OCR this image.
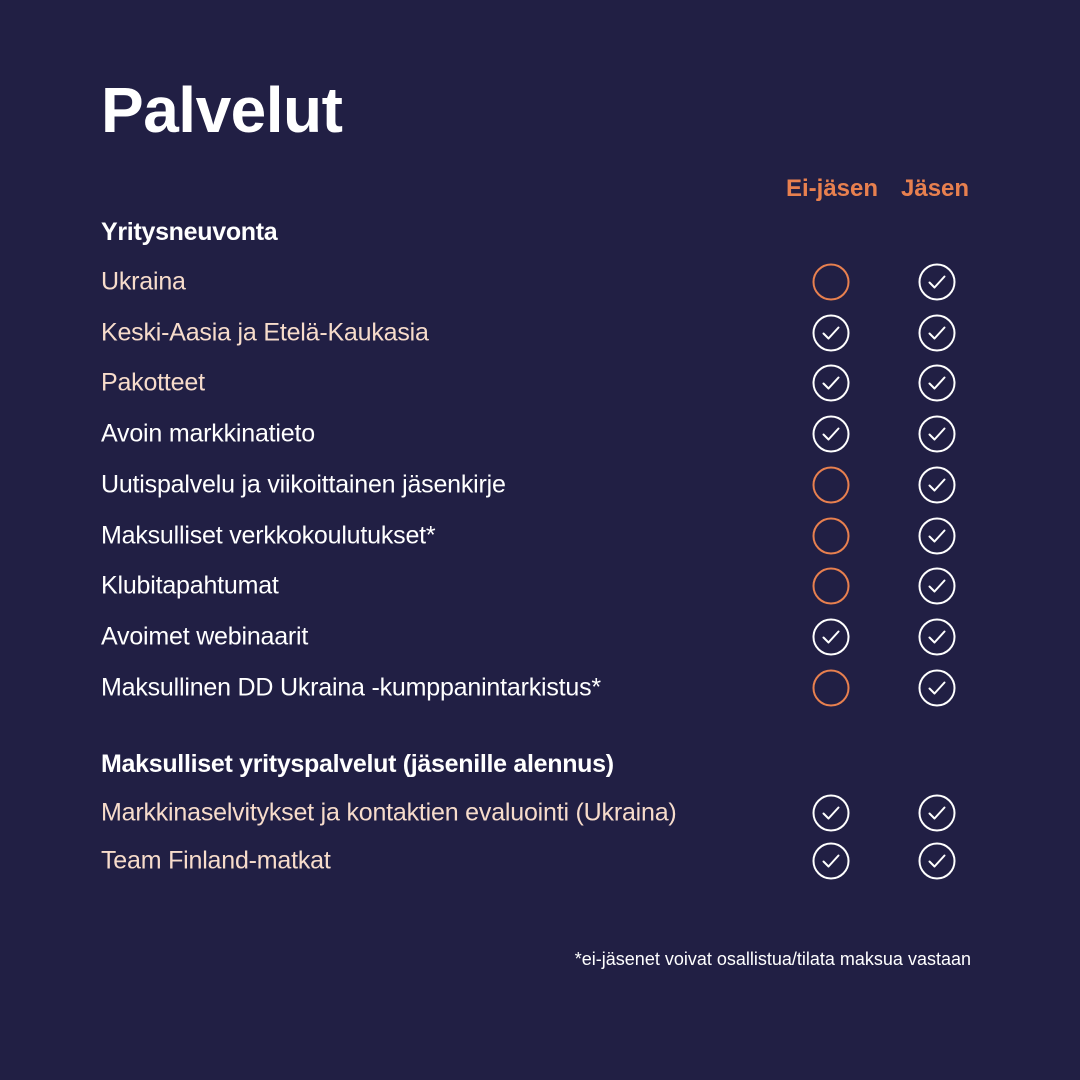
Palvelut
Ei-jäsen Jäsen
Yritysneuvonta
Ukraina
Keski-Aasia ja Etelä-Kaukasia
Pakotteet
Avoin markkinatieto
Uutispalvelu ja viikoittainen jäsenkirje
Maksulliset verkkokoulutukset*
Klubitapahtumat
Avoimet webinaarit
Maksullinen DD Ukraina -kumppanintarkistus*
Maksulliset yrityspalvelut (jäsenille alennus)
Markkinaselvitykset ja kontaktien evaluointi (Ukraina)
Team Finland-matkat
*ei-jäsenet voivat osallistua/tilata maksua vastaan
